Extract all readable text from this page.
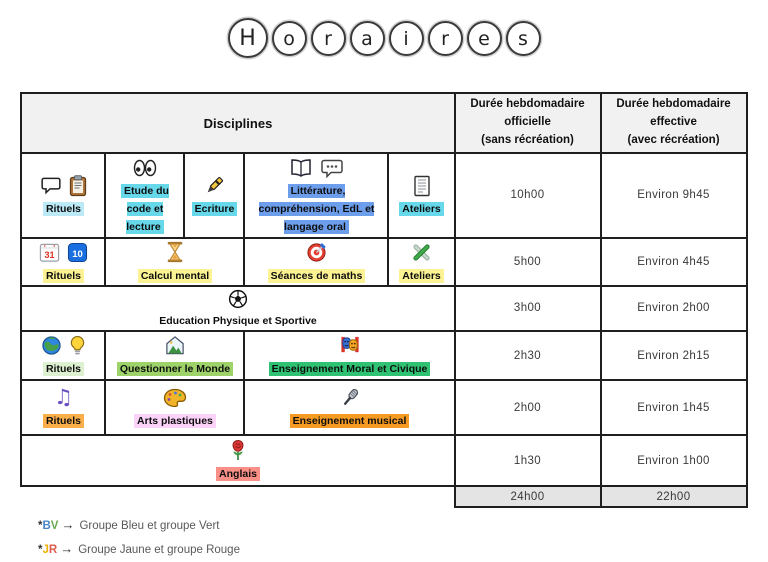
H o r a i r e s
Disciplines	
Durée hebdomadaire
officielle
(sans récréation)

Durée hebdomadaire
effective
(avec récréation)

Rituels	Etude du code et lecture	Ecriture	Littérature, compréhension, EdL et langage oral	Ateliers	10h00	Environ 9h45

31 10
Rituels	Calcul mental		Séances de maths	Ateliers	5h00	Environ 4h45

Education Physique et Sportive					3h00	Environ 2h00

Rituels	Questionner le Monde		Enseignement Moral et Civique		2h30	Environ 2h15

♫
Rituels	Arts plastiques		Enseignement musical		2h00	Environ 1h45

Anglais					1h30	Environ 1h00
					24h00	22h00
*BV → Groupe Bleu et groupe Vert
*JR → Groupe Jaune et groupe Rouge
